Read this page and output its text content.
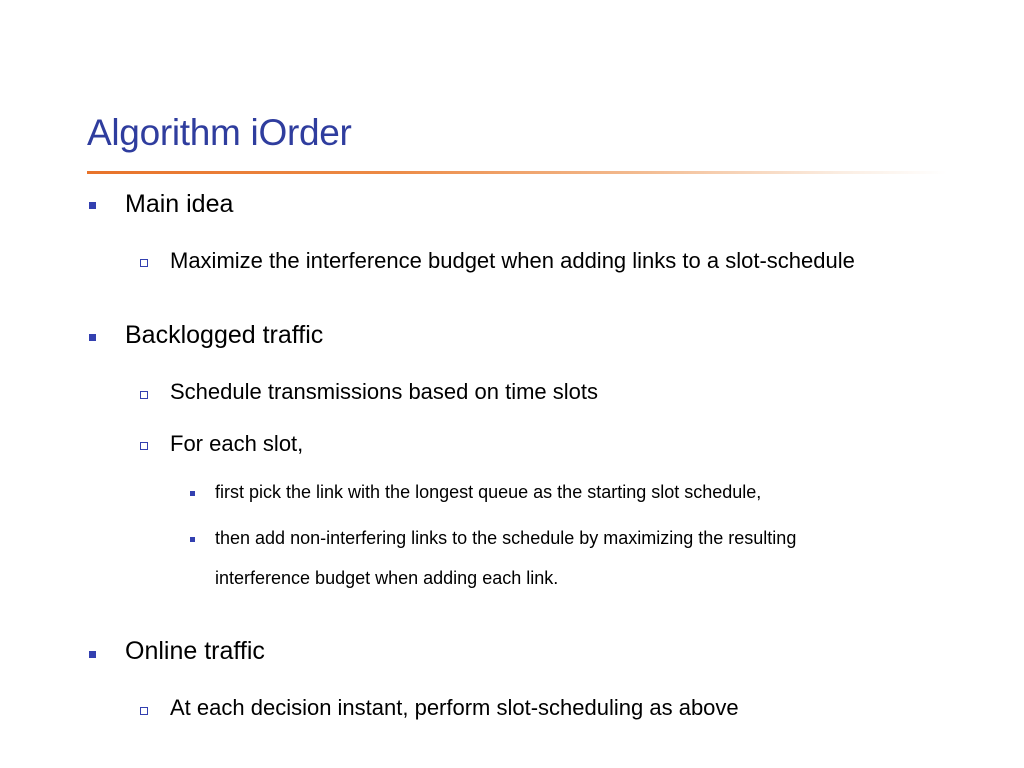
Algorithm iOrder
Main idea
Maximize the interference budget when adding links to a slot-schedule
Backlogged traffic
Schedule transmissions based on time slots
For each slot,
first pick the link with the longest queue as the starting slot schedule,
then add non-interfering links to the schedule by maximizing the resulting
interference budget when adding each link.
Online traffic
At each decision instant, perform slot-scheduling as above
